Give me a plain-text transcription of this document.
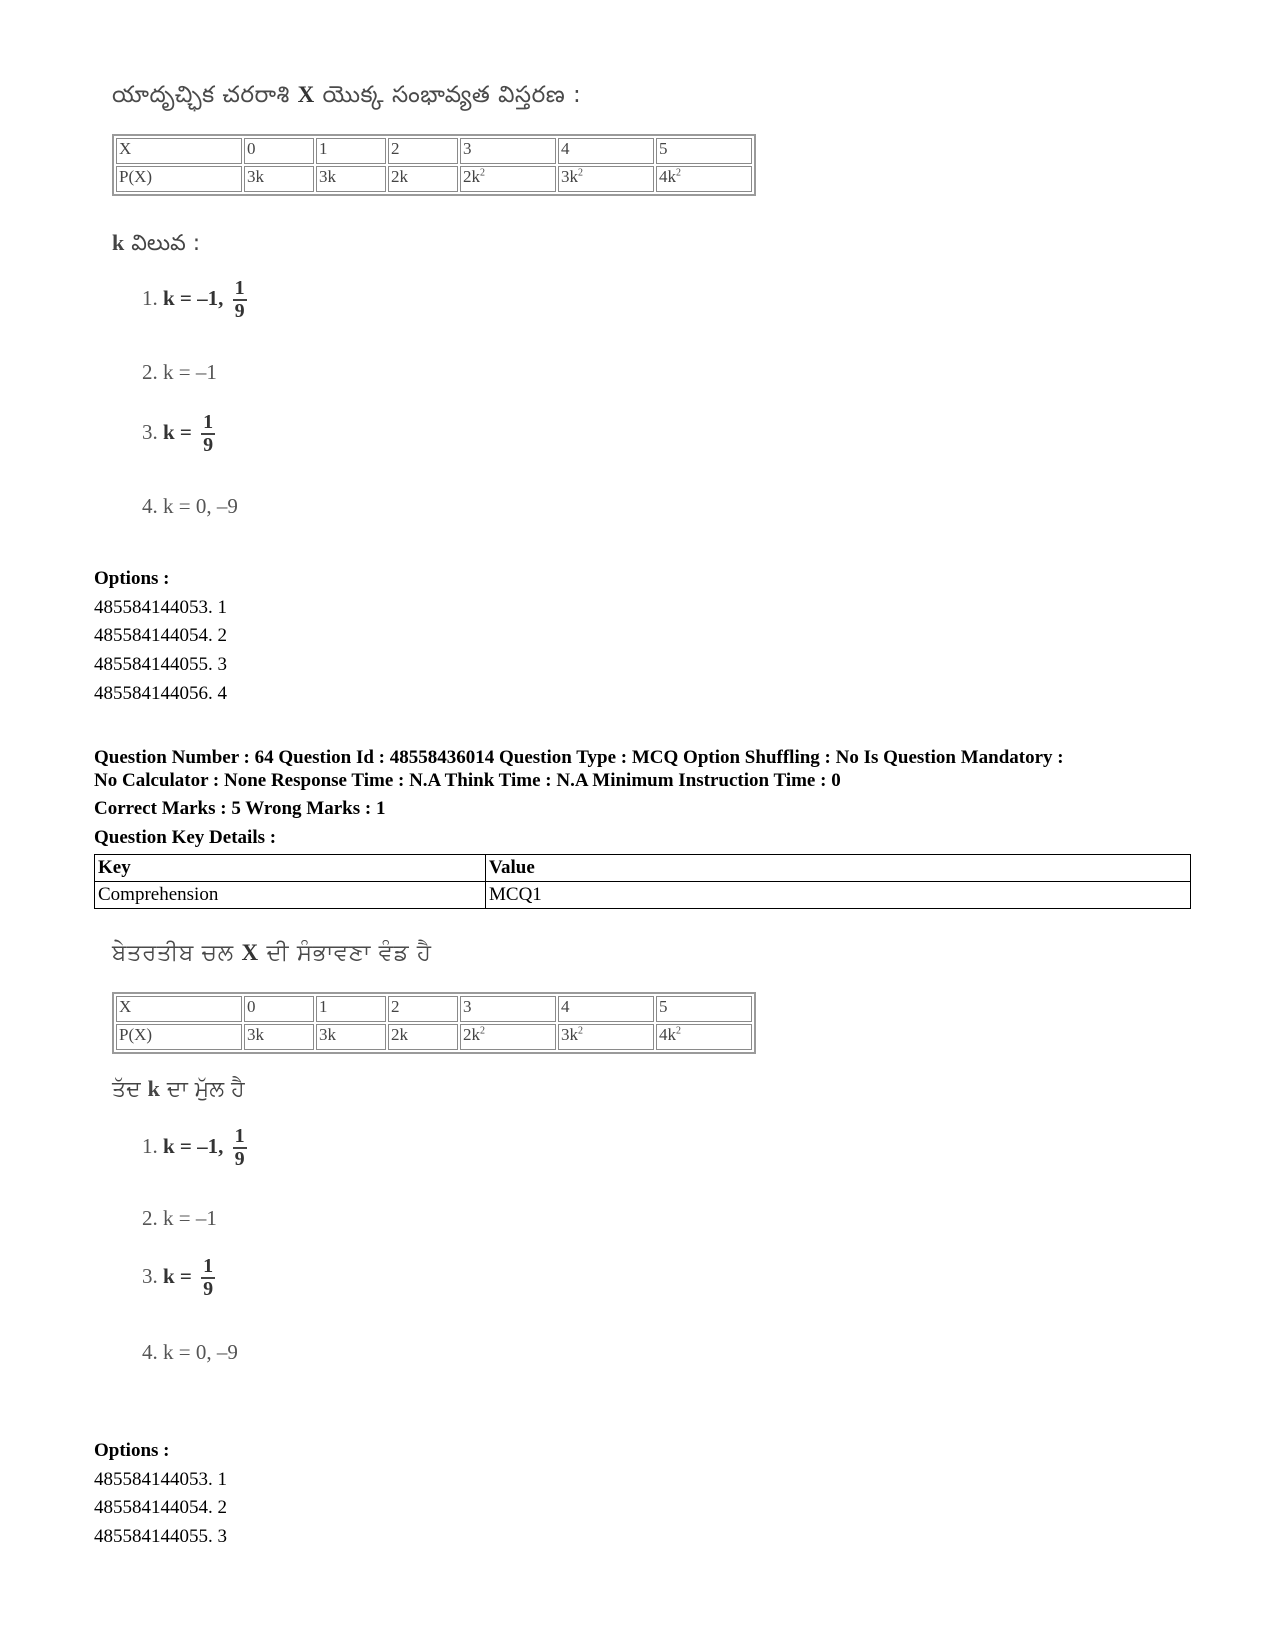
యాదృచ్ఛిక చరరాశి X యొక్క సంభావ్యత విస్తరణ :
X	0	1	2	3	4	5
P(X)	3k	3k	2k	$2k^2$	$3k^2$	$4k^2$
k విలువ :
1. k = –1, $\frac{1}{9}$
2. k = –1
3. $k = \frac{1}{9}$
4. k = 0, –9
Options :
485584144053. 1
485584144054. 2
485584144055. 3
485584144056. 4
Question Number : 64 Question Id : 48558436014 Question Type : MCQ Option Shuffling : No Is Question Mandatory :
No Calculator : None Response Time : N.A Think Time : N.A Minimum Instruction Time : 0
Correct Marks : 5 Wrong Marks : 1
Question Key Details :
Key	Value
Comprehension	MCQ1
ਬੇਤਰਤੀਬ ਚਲ X ਦੀ ਸੰਭਾਵਣਾ ਵੰਡ ਹੈ
X	0	1	2	3	4	5
P(X)	3k	3k	2k	$2k^2$	$3k^2$	$4k^2$
ਤੱਦ k ਦਾ ਮੁੱਲ ਹੈ
1. k = –1, $\frac{1}{9}$
2. k = –1
3. $k = \frac{1}{9}$
4. k = 0, –9
Options :
485584144053. 1
485584144054. 2
485584144055. 3
